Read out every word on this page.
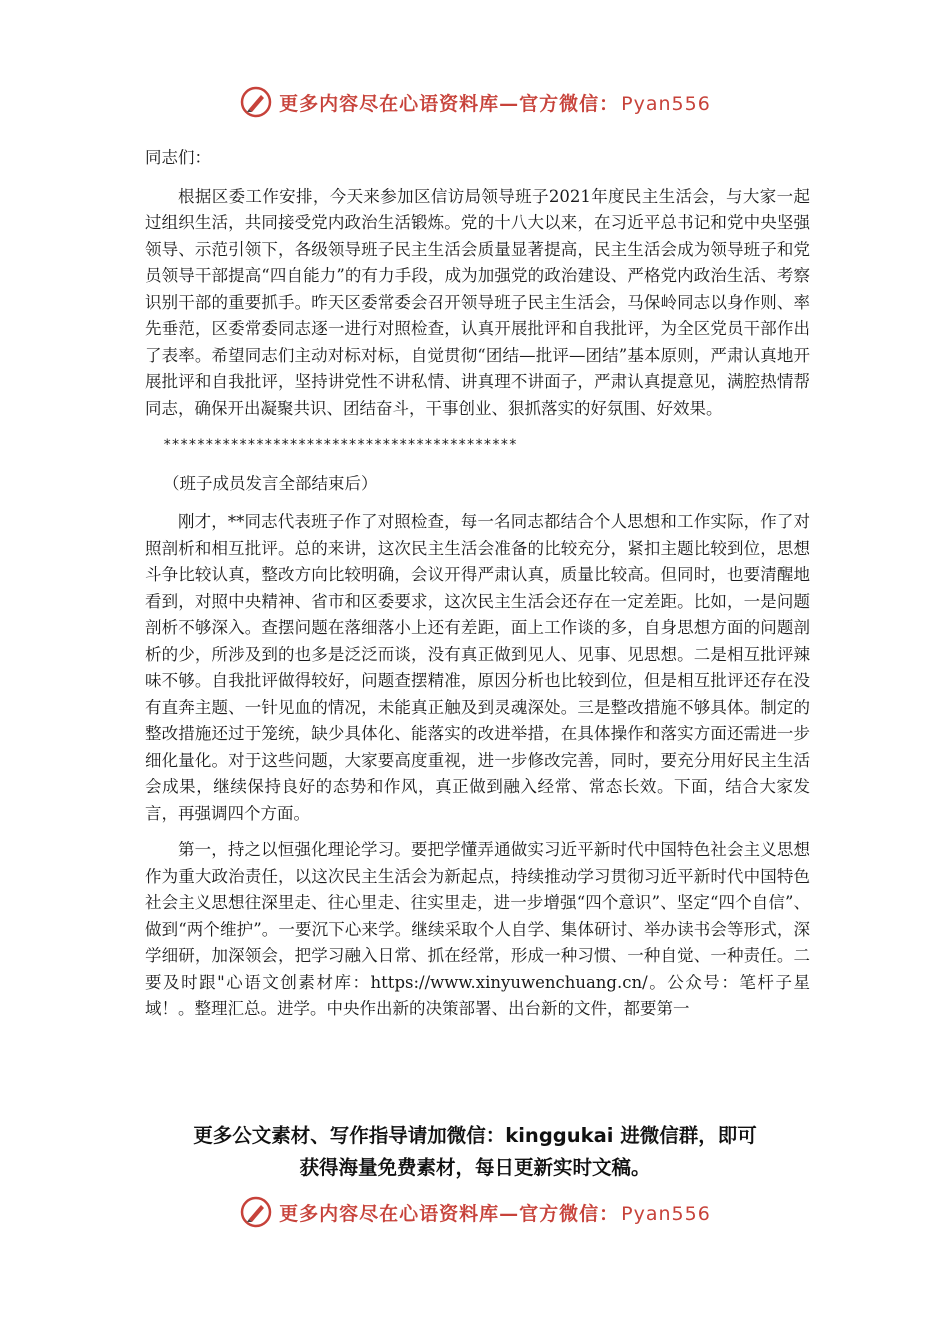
更多内容尽在心语资料库—官方微信： Pyan556

同志们：

根据区委工作安排，今天来参加区信访局领导班子2021年度民主生活会，与大家一起过组织生活，共同接受党内政治生活锻炼。党的十八大以来，在习近平总书记和党中央坚强领导、示范引领下，各级领导班子民主生活会质量显著提高，民主生活会成为领导班子和党员领导干部提高“四自能力”的有力手段，成为加强党的政治建设、严格党内政治生活、考察识别干部的重要抓手。昨天区委常委会召开领导班子民主生活会，马保岭同志以身作则、率先垂范，区委常委同志逐一进行对照检查，认真开展批评和自我批评，为全区党员干部作出了表率。希望同志们主动对标对标，自觉贯彻“团结—批评—团结”基本原则，严肃认真地开展批评和自我批评，坚持讲党性不讲私情、讲真理不讲面子，严肃认真提意见，满腔热情帮同志，确保开出凝聚共识、团结奋斗，干事创业、狠抓落实的好氛围、好效果。

******************************************

（班子成员发言全部结束后）

刚才，**同志代表班子作了对照检查，每一名同志都结合个人思想和工作实际，作了对照剖析和相互批评。总的来讲，这次民主生活会准备的比较充分，紧扣主题比较到位，思想斗争比较认真，整改方向比较明确，会议开得严肃认真，质量比较高。但同时，也要清醒地看到，对照中央精神、省市和区委要求，这次民主生活会还存在一定差距。比如，一是问题剖析不够深入。查摆问题在落细落小上还有差距，面上工作谈的多，自身思想方面的问题剖析的少，所涉及到的也多是泛泛而谈，没有真正做到见人、见事、见思想。二是相互批评辣味不够。自我批评做得较好，问题查摆精准，原因分析也比较到位，但是相互批评还存在没有直奔主题、一针见血的情况，未能真正触及到灵魂深处。三是整改措施不够具体。制定的整改措施还过于笼统，缺少具体化、能落实的改进举措，在具体操作和落实方面还需进一步细化量化。对于这些问题，大家要高度重视，进一步修改完善，同时，要充分用好民主生活会成果，继续保持良好的态势和作风，真正做到融入经常、常态长效。下面，结合大家发言，再强调四个方面。

第一，持之以恒强化理论学习。要把学懂弄通做实习近平新时代中国特色社会主义思想作为重大政治责任，以这次民主生活会为新起点，持续推动学习贯彻习近平新时代中国特色社会主义思想往深里走、往心里走、往实里走，进一步增强“四个意识”、坚定“四个自信”、做到“两个维护”。一要沉下心来学。继续采取个人自学、集体研讨、举办读书会等形式，深学细研，加深领会，把学习融入日常、抓在经常，形成一种习惯、一种自觉、一种责任。二要及时跟"心语文创素材库：https://www.xinyuwenchuang.cn/。公众号：笔杆子星域！。整理汇总。进学。中央作出新的决策部署、出台新的文件，都要第一

更多公文素材、写作指导请加微信：kinggukai 进微信群，即可
获得海量免费素材，每日更新实时文稿。
更多内容尽在心语资料库—官方微信： Pyan556
